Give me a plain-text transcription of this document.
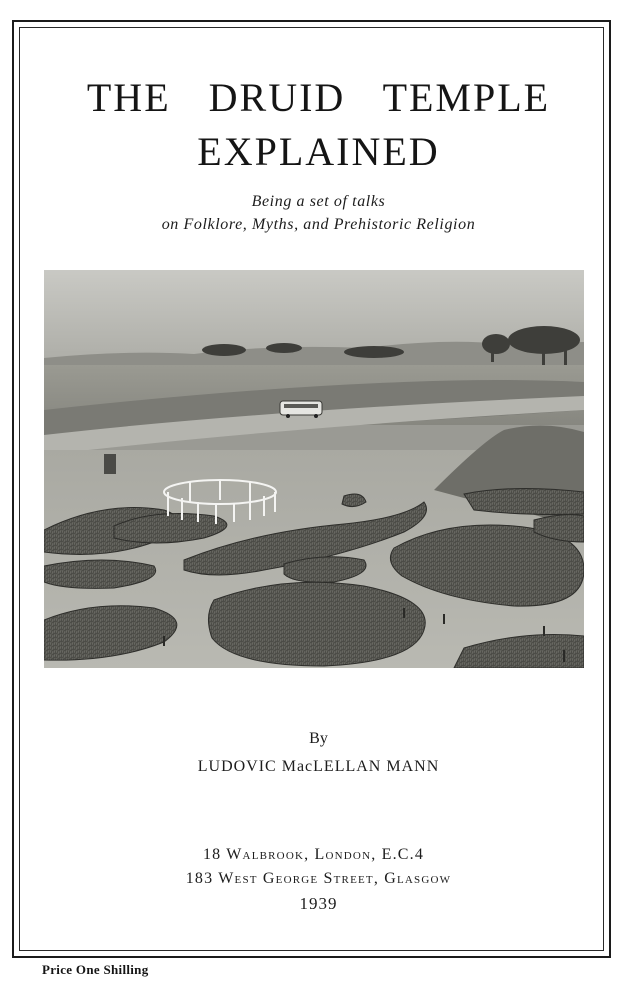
THE DRUID TEMPLE
EXPLAINED
Being a set of talks
on Folklore, Myths, and Prehistoric Religion
By
LUDOVIC MacLELLAN MANN
18 Walbrook, London, E.C.4
183 West George Street, Glasgow
1939
Price One Shilling
